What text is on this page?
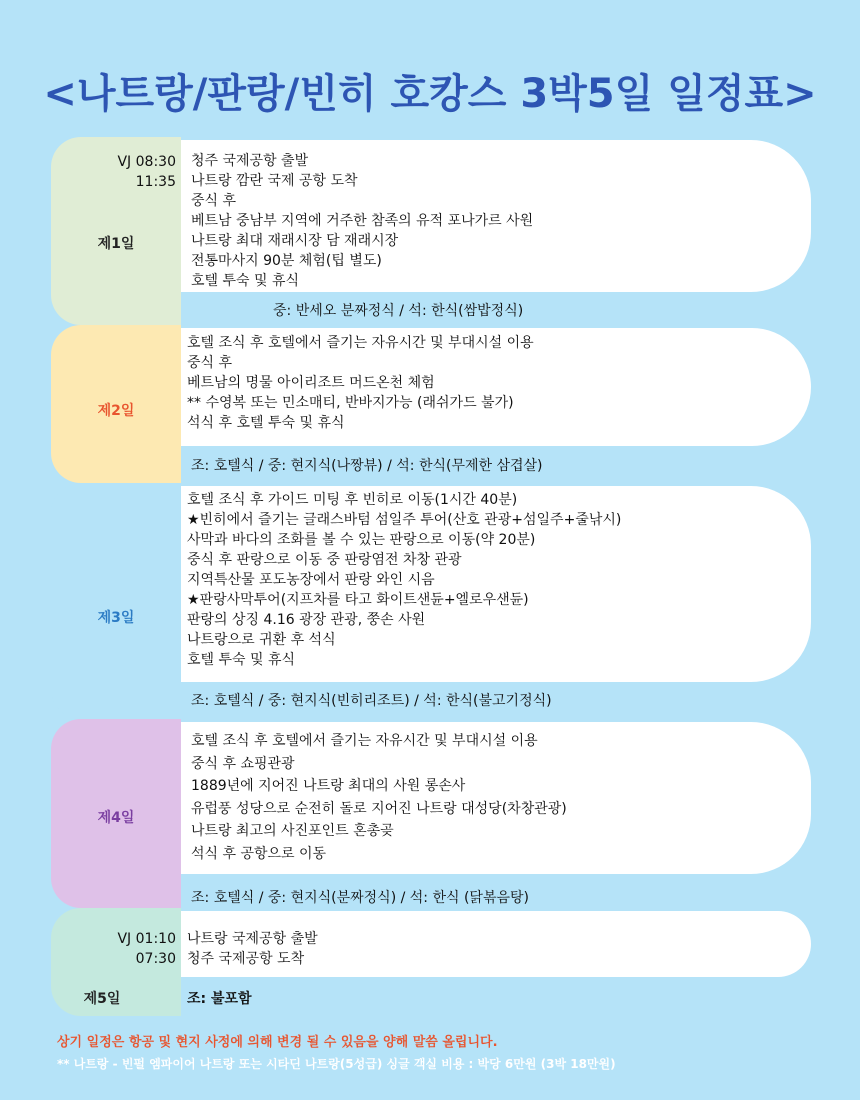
<나트랑/판랑/빈히 호캉스 3박5일 일정표>
VJ 08:30
11:35
제1일
청주 국제공항 출발
나트랑 깜란 국제 공항 도착
중식 후
베트남 중남부 지역에 거주한 참족의 유적 포나가르 사원
나트랑 최대 재래시장 담 재래시장
전통마사지 90분 체험(팁 별도)
호텔 투숙 및 휴식
중: 반세오 분짜정식 / 석: 한식(쌈밥정식)
제2일
호텔 조식 후 호텔에서 즐기는 자유시간 및 부대시설 이용
중식 후
베트남의 명물 아이리조트 머드온천 체험
** 수영복 또는 민소매티, 반바지가능 (래쉬가드 불가)
석식 후 호텔 투숙 및 휴식
조: 호텔식 / 중: 현지식(나짱뷰) / 석: 한식(무제한 삼겹살)
제3일
호텔 조식 후 가이드 미팅 후 빈히로 이동(1시간 40분)
★빈히에서 즐기는 글래스바텀 섬일주 투어(산호 관광+섬일주+줄낚시)
사막과 바다의 조화를 볼 수 있는 판랑으로 이동(약 20분)
중식 후 판랑으로 이동 중 판랑염전 차창 관광
지역특산물 포도농장에서 판랑 와인 시음
★판랑사막투어(지프차를 타고 화이트샌듄+엘로우샌듄)
판랑의 상징 4.16 광장 관광, 쭝손 사원
나트랑으로 귀환 후 석식
호텔 투숙 및 휴식
조: 호텔식 / 중: 현지식(빈히리조트) / 석: 한식(불고기정식)
제4일
호텔 조식 후 호텔에서 즐기는 자유시간 및 부대시설 이용
중식 후 쇼핑관광
1889년에 지어진 나트랑 최대의 사원 롱손사
유럽풍 성당으로 순전히 돌로 지어진 나트랑 대성당(차창관광)
나트랑 최고의 사진포인트 혼총곶
석식 후 공항으로 이동
조: 호텔식 / 중: 현지식(분짜정식) / 석: 한식 (닭볶음탕)
VJ 01:10
07:30
제5일
나트랑 국제공항 출발
청주 국제공항 도착
조: 불포함
상기 일정은 항공 및 현지 사정에 의해 변경 될 수 있음을 양해 말씀 올립니다.
** 나트랑 - 빈펄 엠파이어 나트랑 또는 시타딘 나트랑(5성급) 싱글 객실 비용 : 박당 6만원 (3박 18만원)
